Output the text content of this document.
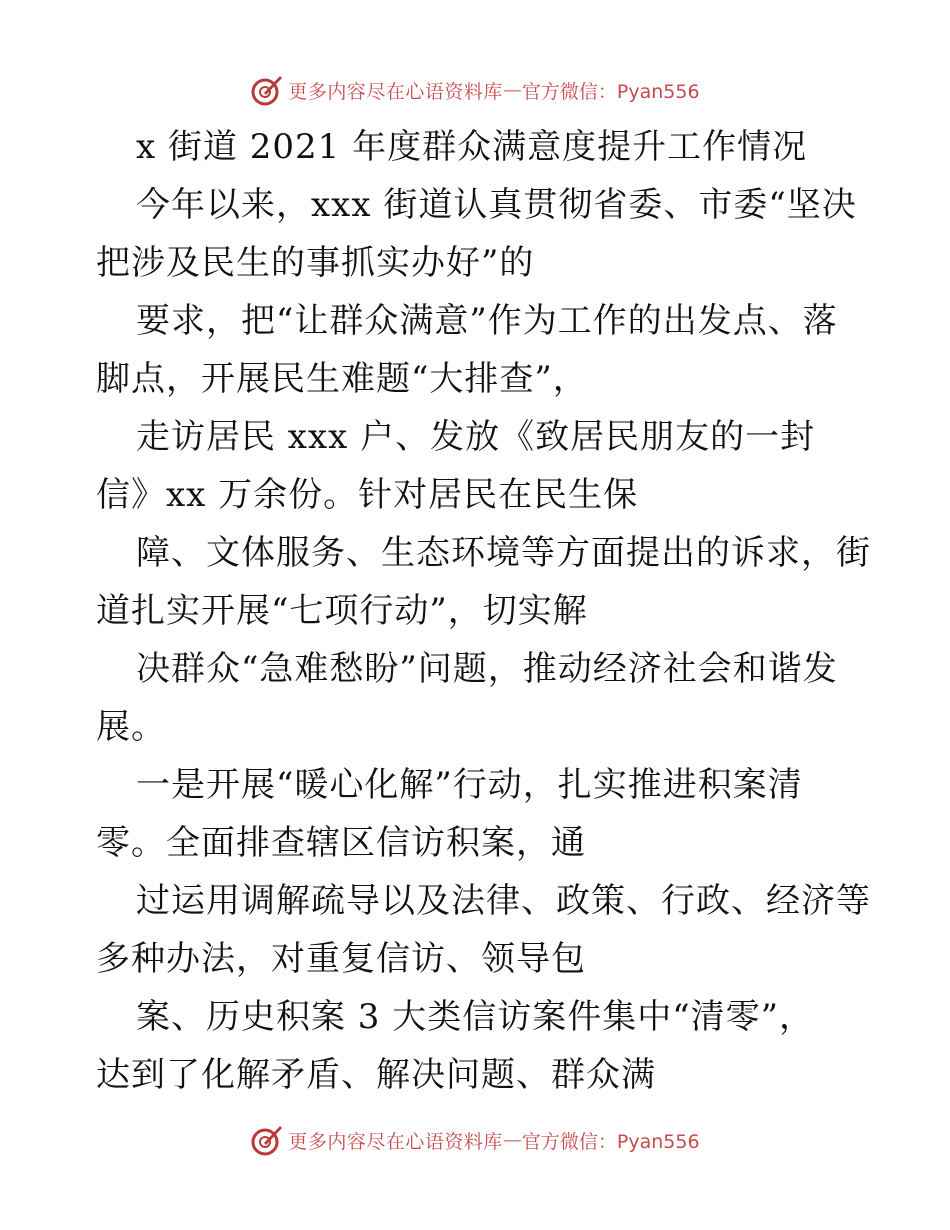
更多内容尽在心语资料库 — 官方微信：Pyan556
x 街道 2021 年度群众满意度提升工作情况
今年以来，xxx 街道认真贯彻省委、市委“坚决
把涉及民生的事抓实办好”的
要求，把“让群众满意”作为工作的出发点、落
脚点，开展民生难题“大排查”，
走访居民 xxx 户、发放《致居民朋友的一封
信》xx 万余份。针对居民在民生保
障、文体服务、生态环境等方面提出的诉求，街
道扎实开展“七项行动”，切实解
决群众“急难愁盼”问题，推动经济社会和谐发
展。
一是开展“暖心化解”行动，扎实推进积案清
零。全面排查辖区信访积案，通
过运用调解疏导以及法律、政策、行政、经济等
多种办法，对重复信访、领导包
案、历史积案 3 大类信访案件集中“清零”，
达到了化解矛盾、解决问题、群众满
更多内容尽在心语资料库 — 官方微信：Pyan556
